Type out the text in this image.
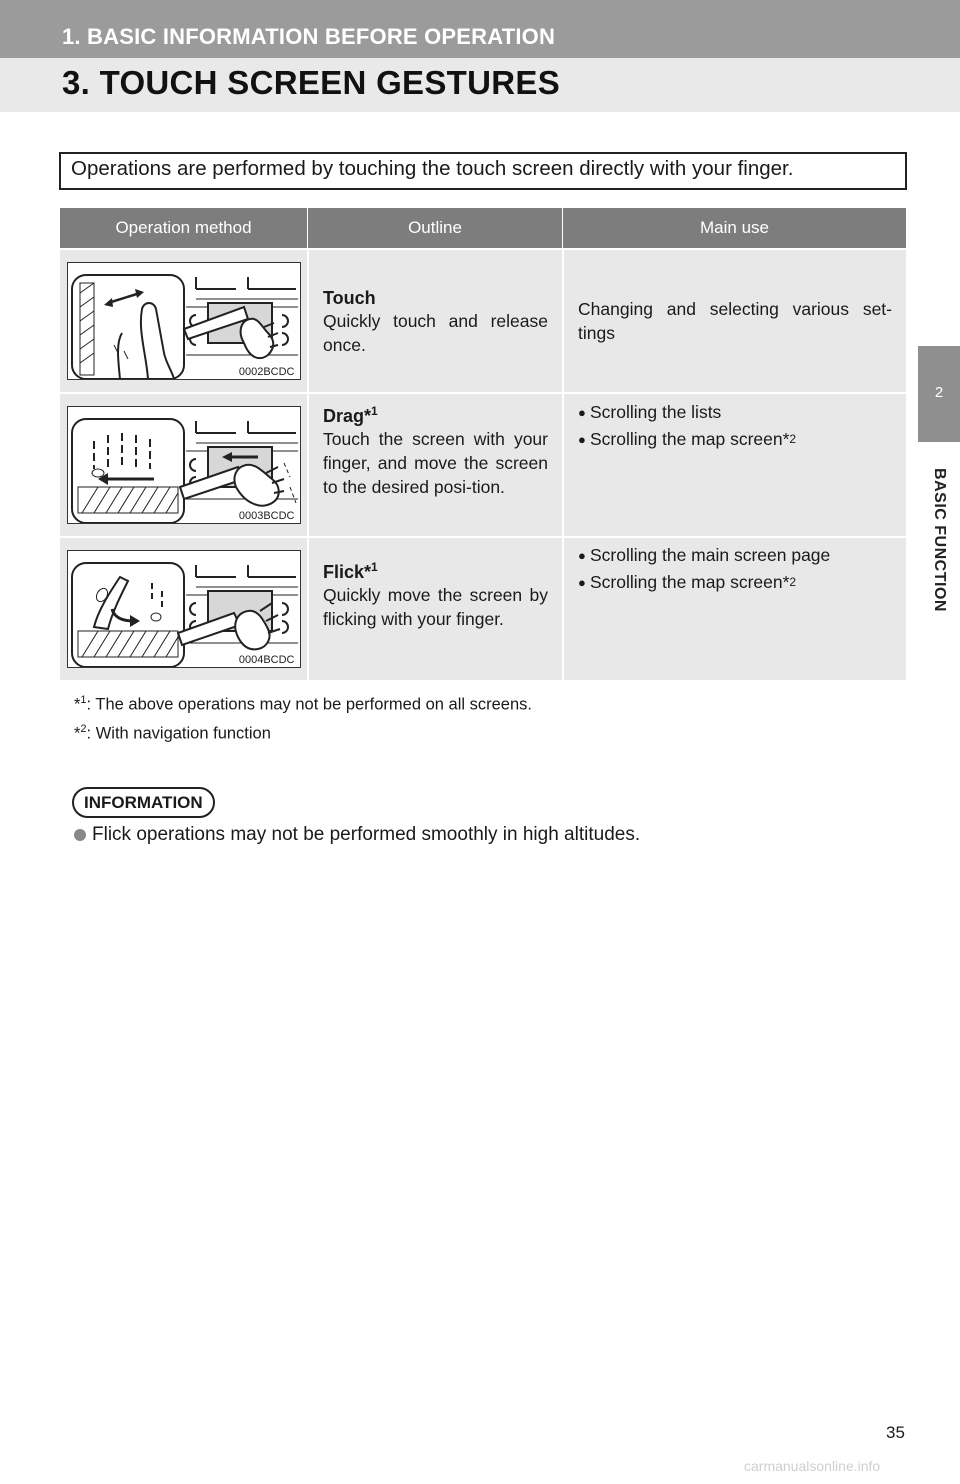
1. BASIC INFORMATION BEFORE OPERATION
3. TOUCH SCREEN GESTURES
2
BASIC FUNCTION
Operations are performed by touching the touch screen directly with your finger.
Operation method	Outline	Main use
0002BCDC
Touch
Quickly touch and release once.
Changing and selecting various set-tings
0003BCDC
Drag*$^1$
Touch the screen with your finger, and move the screen to the desired posi-tion.
● Scrolling the lists
● Scrolling the map screen* 2
0004BCDC
Flick*$^1$
Quickly move the screen by flicking with your finger.
● Scrolling the main screen page
● Scrolling the map screen* 2
*$^1$: The above operations may not be performed on all screens.
*$^2$: With navigation function
INFORMATION
Flick operations may not be performed smoothly in high altitudes.
35
carmanualsonline.info
